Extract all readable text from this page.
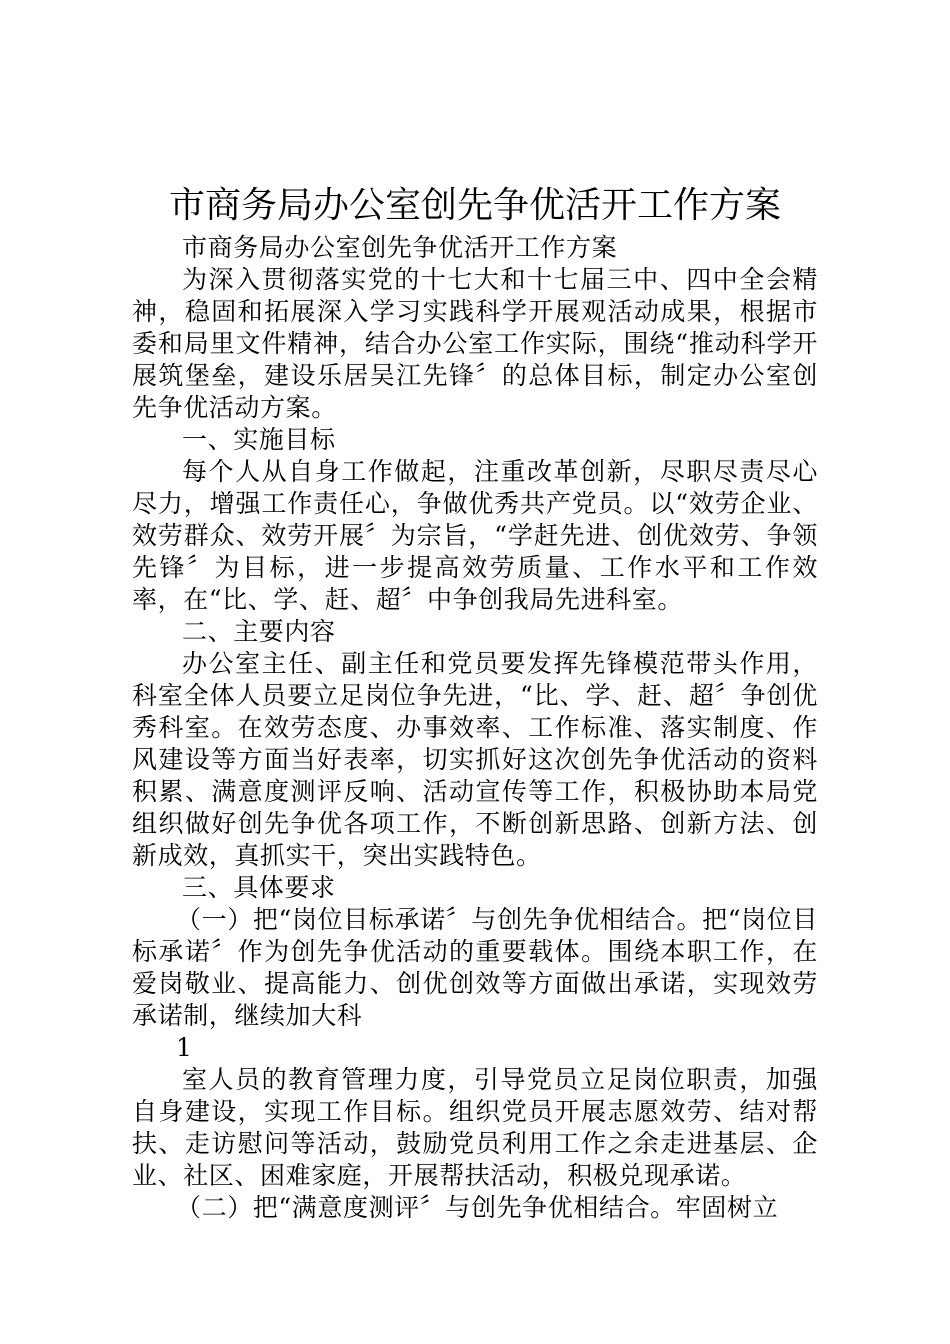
市商务局办公室创先争优活开工作方案

市商务局办公室创先争优活开工作方案

为深入贯彻落实党的十七大和十七届三中、四中全会精神，稳固和拓展深入学习实践科学开展观活动成果，根据市委和局里文件精神，结合办公室工作实际，围绕“推动科学开展筑堡垒，建设乐居吴江先锋〞的总体目标，制定办公室创先争优活动方案。

一、实施目标

每个人从自身工作做起，注重改革创新，尽职尽责尽心尽力，增强工作责任心，争做优秀共产党员。以“效劳企业、效劳群众、效劳开展〞为宗旨，“学赶先进、创优效劳、争领先锋〞为目标，进一步提高效劳质量、工作水平和工作效率，在“比、学、赶、超〞中争创我局先进科室。

二、主要内容

办公室主任、副主任和党员要发挥先锋模范带头作用，科室全体人员要立足岗位争先进，“比、学、赶、超〞争创优秀科室。在效劳态度、办事效率、工作标准、落实制度、作风建设等方面当好表率，切实抓好这次创先争优活动的资料积累、满意度测评反响、活动宣传等工作，积极协助本局党组织做好创先争优各项工作，不断创新思路、创新方法、创新成效，真抓实干，突出实践特色。

三、具体要求

（一）把“岗位目标承诺〞与创先争优相结合。把“岗位目标承诺〞作为创先争优活动的重要载体。围绕本职工作，在爱岗敬业、提高能力、创优创效等方面做出承诺，实现效劳承诺制，继续加大科

1

室人员的教育管理力度，引导党员立足岗位职责，加强自身建设，实现工作目标。组织党员开展志愿效劳、结对帮扶、走访慰问等活动，鼓励党员利用工作之余走进基层、企业、社区、困难家庭，开展帮扶活动，积极兑现承诺。

（二）把“满意度测评〞与创先争优相结合。牢固树立
